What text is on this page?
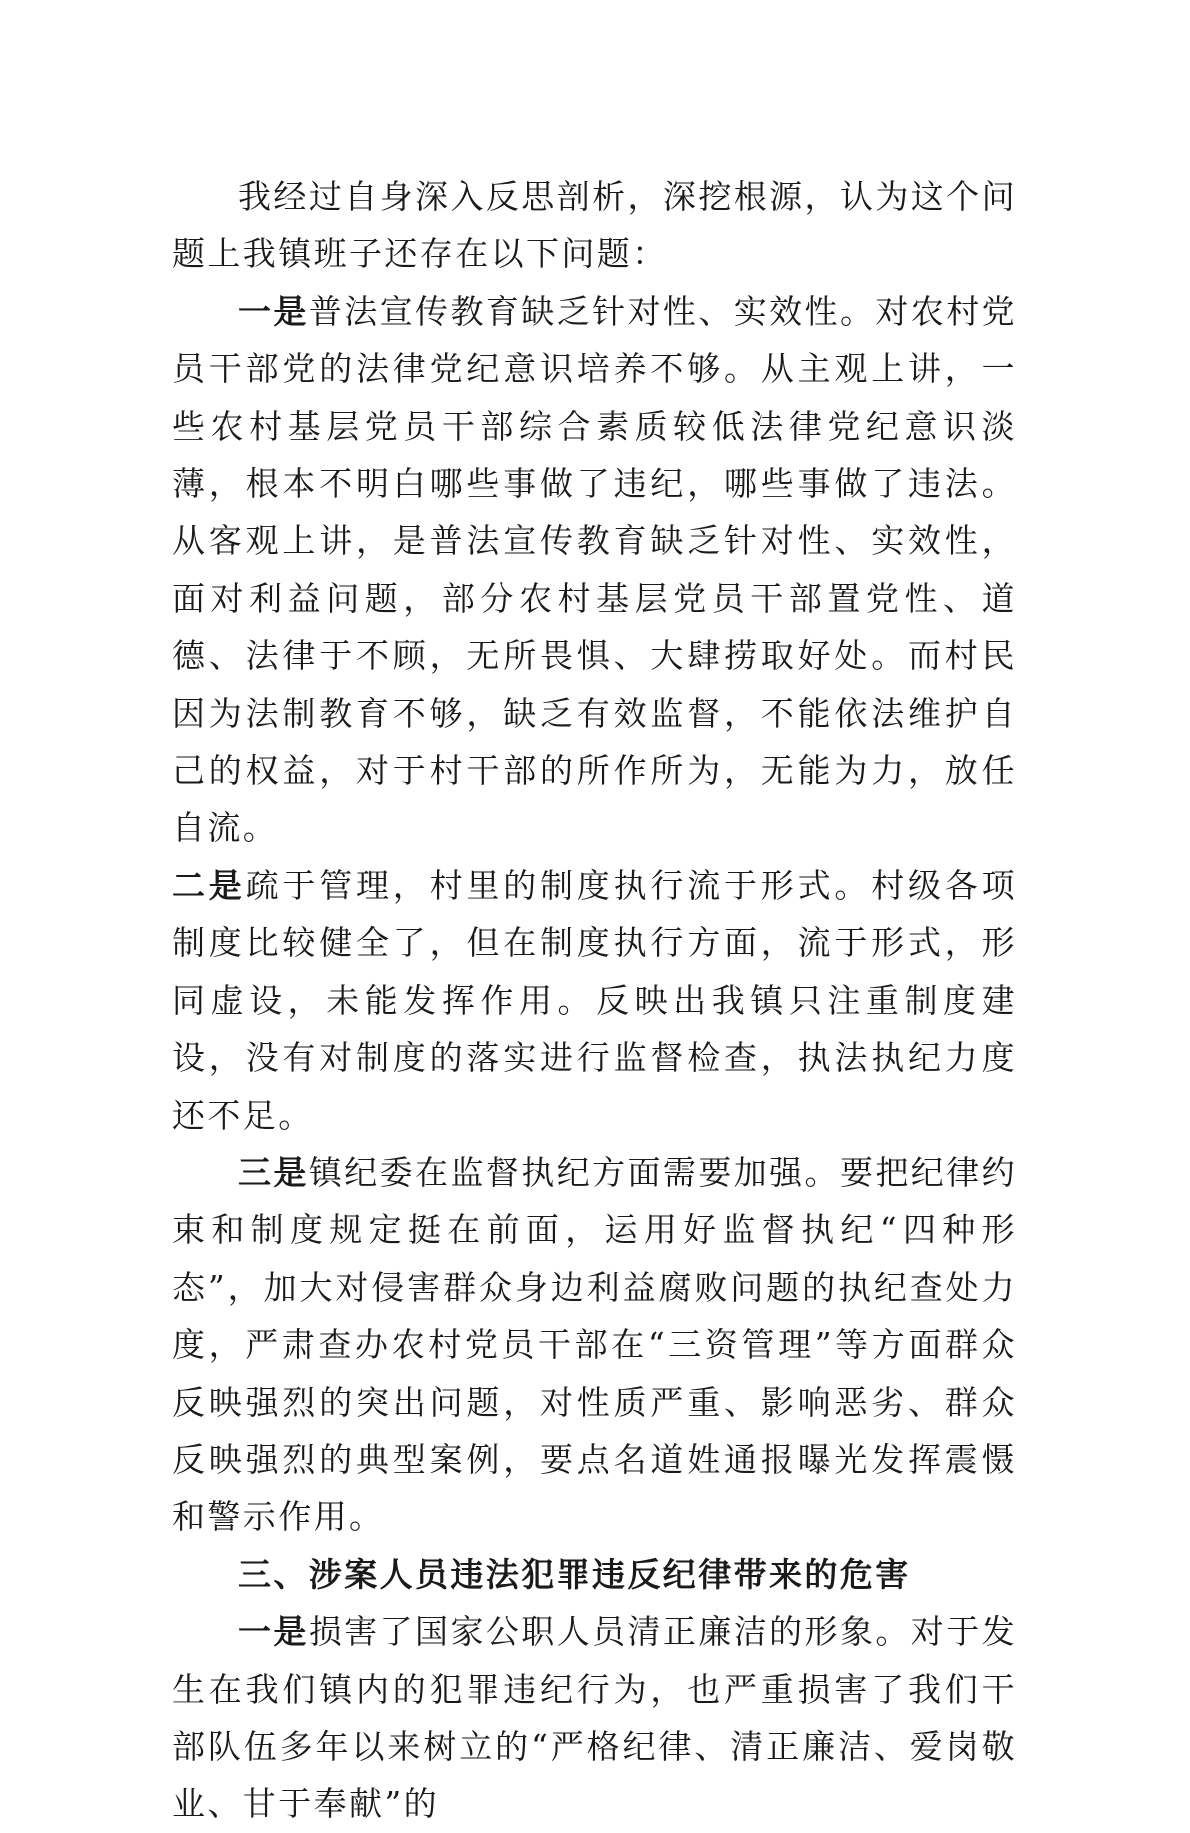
我经过自身深入反思剖析，深挖根源，认为这个问题上我镇班子还存在以下问题：

一是普法宣传教育缺乏针对性、实效性。对农村党员干部党的法律党纪意识培养不够。从主观上讲，一些农村基层党员干部综合素质较低法律党纪意识淡薄，根本不明白哪些事做了违纪，哪些事做了违法。从客观上讲，是普法宣传教育缺乏针对性、实效性，面对利益问题，部分农村基层党员干部置党性、道德、法律于不顾，无所畏惧、大肆捞取好处。而村民因为法制教育不够，缺乏有效监督，不能依法维护自己的权益，对于村干部的所作所为，无能为力，放任自流。

二是疏于管理，村里的制度执行流于形式。村级各项制度比较健全了，但在制度执行方面，流于形式，形同虚设，未能发挥作用。反映出我镇只注重制度建设，没有对制度的落实进行监督检查，执法执纪力度还不足。

三是镇纪委在监督执纪方面需要加强。要把纪律约束和制度规定挺在前面，运用好监督执纪“四种形态”，加大对侵害群众身边利益腐败问题的执纪查处力度，严肃查办农村党员干部在“三资管理”等方面群众反映强烈的突出问题，对性质严重、影响恶劣、群众反映强烈的典型案例，要点名道姓通报曝光发挥震慑和警示作用。

三、涉案人员违法犯罪违反纪律带来的危害

一是损害了国家公职人员清正廉洁的形象。对于发生在我们镇内的犯罪违纪行为，也严重损害了我们干部队伍多年以来树立的“严格纪律、清正廉洁、爱岗敬业、甘于奉献”的
